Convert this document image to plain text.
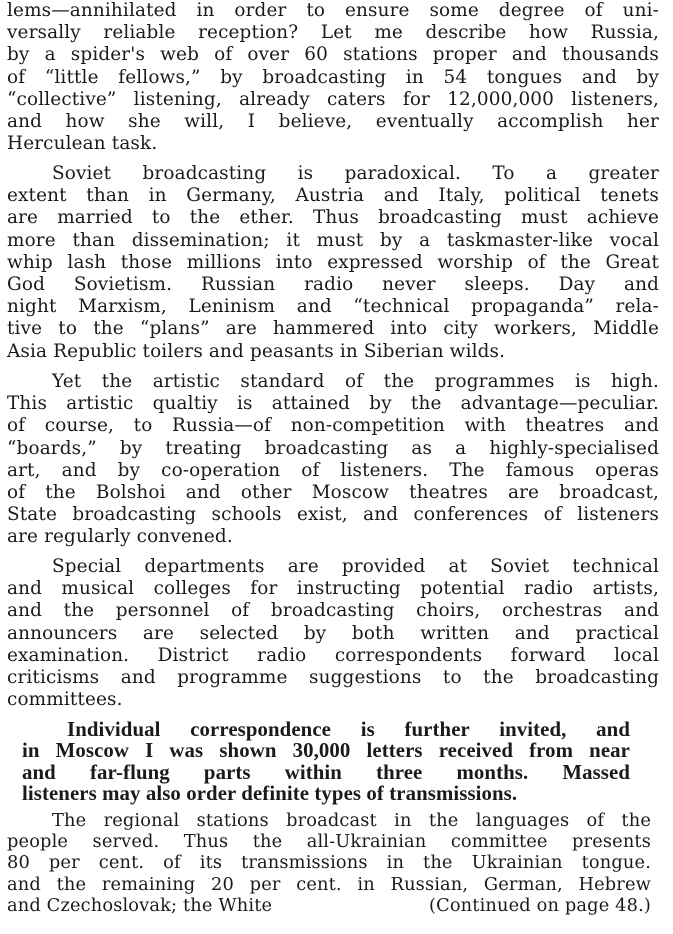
lems—annihilated in order to ensure some degree of uni-
versally reliable reception? Let me describe how Russia,
by a spider's web of over 60 stations proper and thousands
of “little fellows,” by broadcasting in 54 tongues and by
“collective” listening, already caters for 12,000,000 listeners,
and how she will, I believe, eventually accomplish her
Herculean task.
Soviet broadcasting is paradoxical. To a greater
extent than in Germany, Austria and Italy, political tenets
are married to the ether. Thus broadcasting must achieve
more than dissemination; it must by a taskmaster-like vocal
whip lash those millions into expressed worship of the Great
God Sovietism. Russian radio never sleeps. Day and
night Marxism, Leninism and “technical propaganda” rela-
tive to the “plans” are hammered into city workers, Middle
Asia Republic toilers and peasants in Siberian wilds.
Yet the artistic standard of the programmes is high.
This artistic qualtiy is attained by the advantage—peculiar.
of course, to Russia—of non-competition with theatres and
“boards,” by treating broadcasting as a highly-specialised
art, and by co-operation of listeners. The famous operas
of the Bolshoi and other Moscow theatres are broadcast,
State broadcasting schools exist, and conferences of listeners
are regularly convened.
Special departments are provided at Soviet technical
and musical colleges for instructing potential radio artists,
and the personnel of broadcasting choirs, orchestras and
announcers are selected by both written and practical
examination. District radio correspondents forward local
criticisms and programme suggestions to the broadcasting
committees.
Individual correspondence is further invited, and
in Moscow I was shown 30,000 letters received from near
and far-flung parts within three months. Massed
listeners may also order definite types of transmissions.
The regional stations broadcast in the languages of the
people served. Thus the all-Ukrainian committee presents
80 per cent. of its transmissions in the Ukrainian tongue.
and the remaining 20 per cent. in Russian, German, Hebrew
and Czechoslovak; the White	(Continued on page 48.)
